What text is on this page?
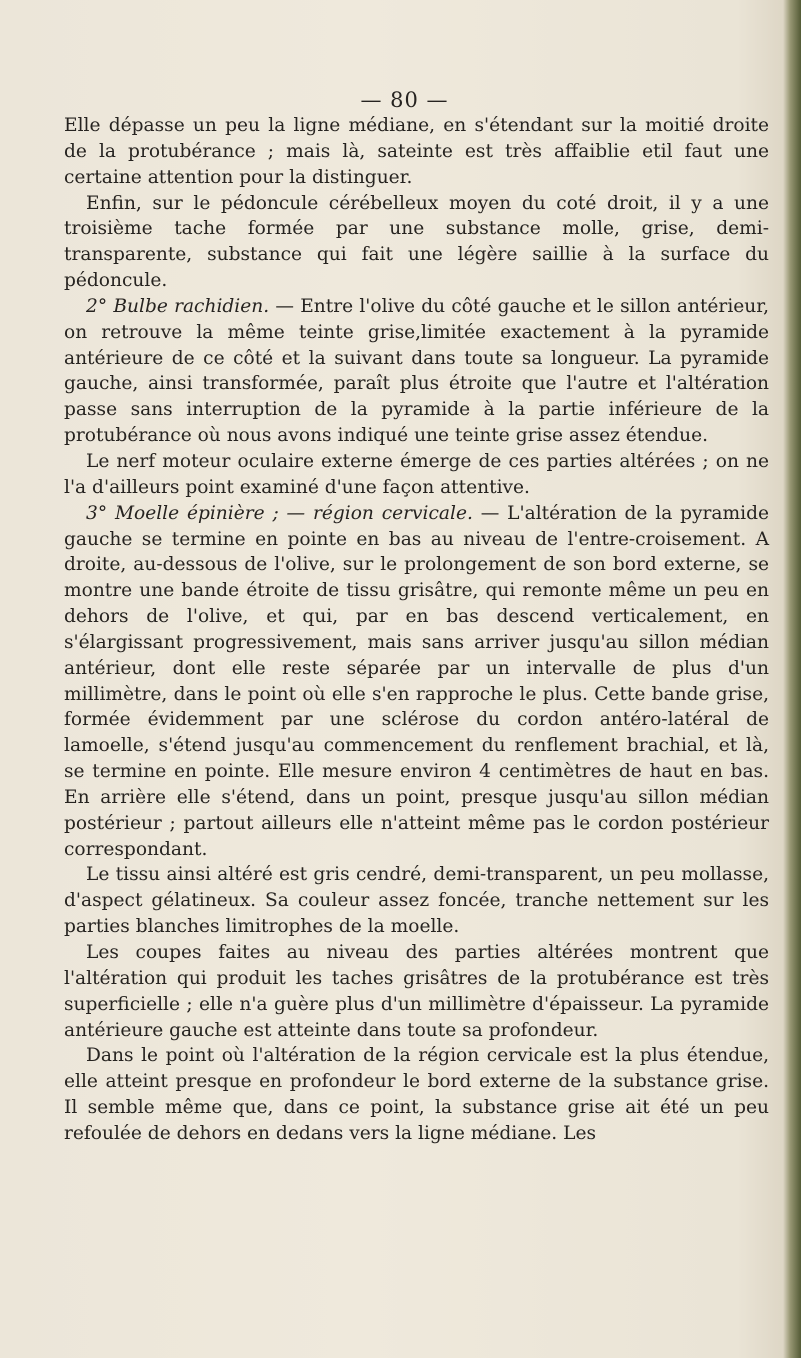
— 80 —

Elle dépasse un peu la ligne médiane, en s'étendant sur la moitié droite de la protubérance ; mais là, sateinte est très affaiblie etil faut une certaine attention pour la distinguer.

Enfin, sur le pédoncule cérébelleux moyen du coté droit, il y a une troisième tache formée par une substance molle, grise, demi-transparente, substance qui fait une légère saillie à la surface du pédoncule.

2° Bulbe rachidien. — Entre l'olive du côté gauche et le sillon antérieur, on retrouve la même teinte grise,limitée exactement à la pyramide antérieure de ce côté et la suivant dans toute sa longueur. La pyramide gauche, ainsi transformée, paraît plus étroite que l'autre et l'altération passe sans interruption de la pyramide à la partie inférieure de la protubérance où nous avons indiqué une teinte grise assez étendue.

Le nerf moteur oculaire externe émerge de ces parties altérées ; on ne l'a d'ailleurs point examiné d'une façon attentive.

3° Moelle épinière ; — région cervicale. — L'altération de la pyramide gauche se termine en pointe en bas au niveau de l'entre-croisement. A droite, au-dessous de l'olive, sur le prolongement de son bord externe, se montre une bande étroite de tissu grisâtre, qui remonte même un peu en dehors de l'olive, et qui, par en bas descend verticalement, en s'élargissant progressivement, mais sans arriver jusqu'au sillon médian antérieur, dont elle reste séparée par un intervalle de plus d'un millimètre, dans le point où elle s'en rapproche le plus. Cette bande grise, formée évidemment par une sclérose du cordon antéro-latéral de lamoelle, s'étend jusqu'au commencement du renflement brachial, et là, se termine en pointe. Elle mesure environ 4 centimètres de haut en bas. En arrière elle s'étend, dans un point, presque jusqu'au sillon médian postérieur ; partout ailleurs elle n'atteint même pas le cordon postérieur correspondant.

Le tissu ainsi altéré est gris cendré, demi-transparent, un peu mollasse, d'aspect gélatineux. Sa couleur assez foncée, tranche nettement sur les parties blanches limitrophes de la moelle.

Les coupes faites au niveau des parties altérées montrent que l'altération qui produit les taches grisâtres de la protubérance est très superficielle ; elle n'a guère plus d'un millimètre d'épaisseur. La pyramide antérieure gauche est atteinte dans toute sa profondeur.

Dans le point où l'altération de la région cervicale est la plus étendue, elle atteint presque en profondeur le bord externe de la substance grise. Il semble même que, dans ce point, la substance grise ait été un peu refoulée de dehors en dedans vers la ligne médiane. Les
